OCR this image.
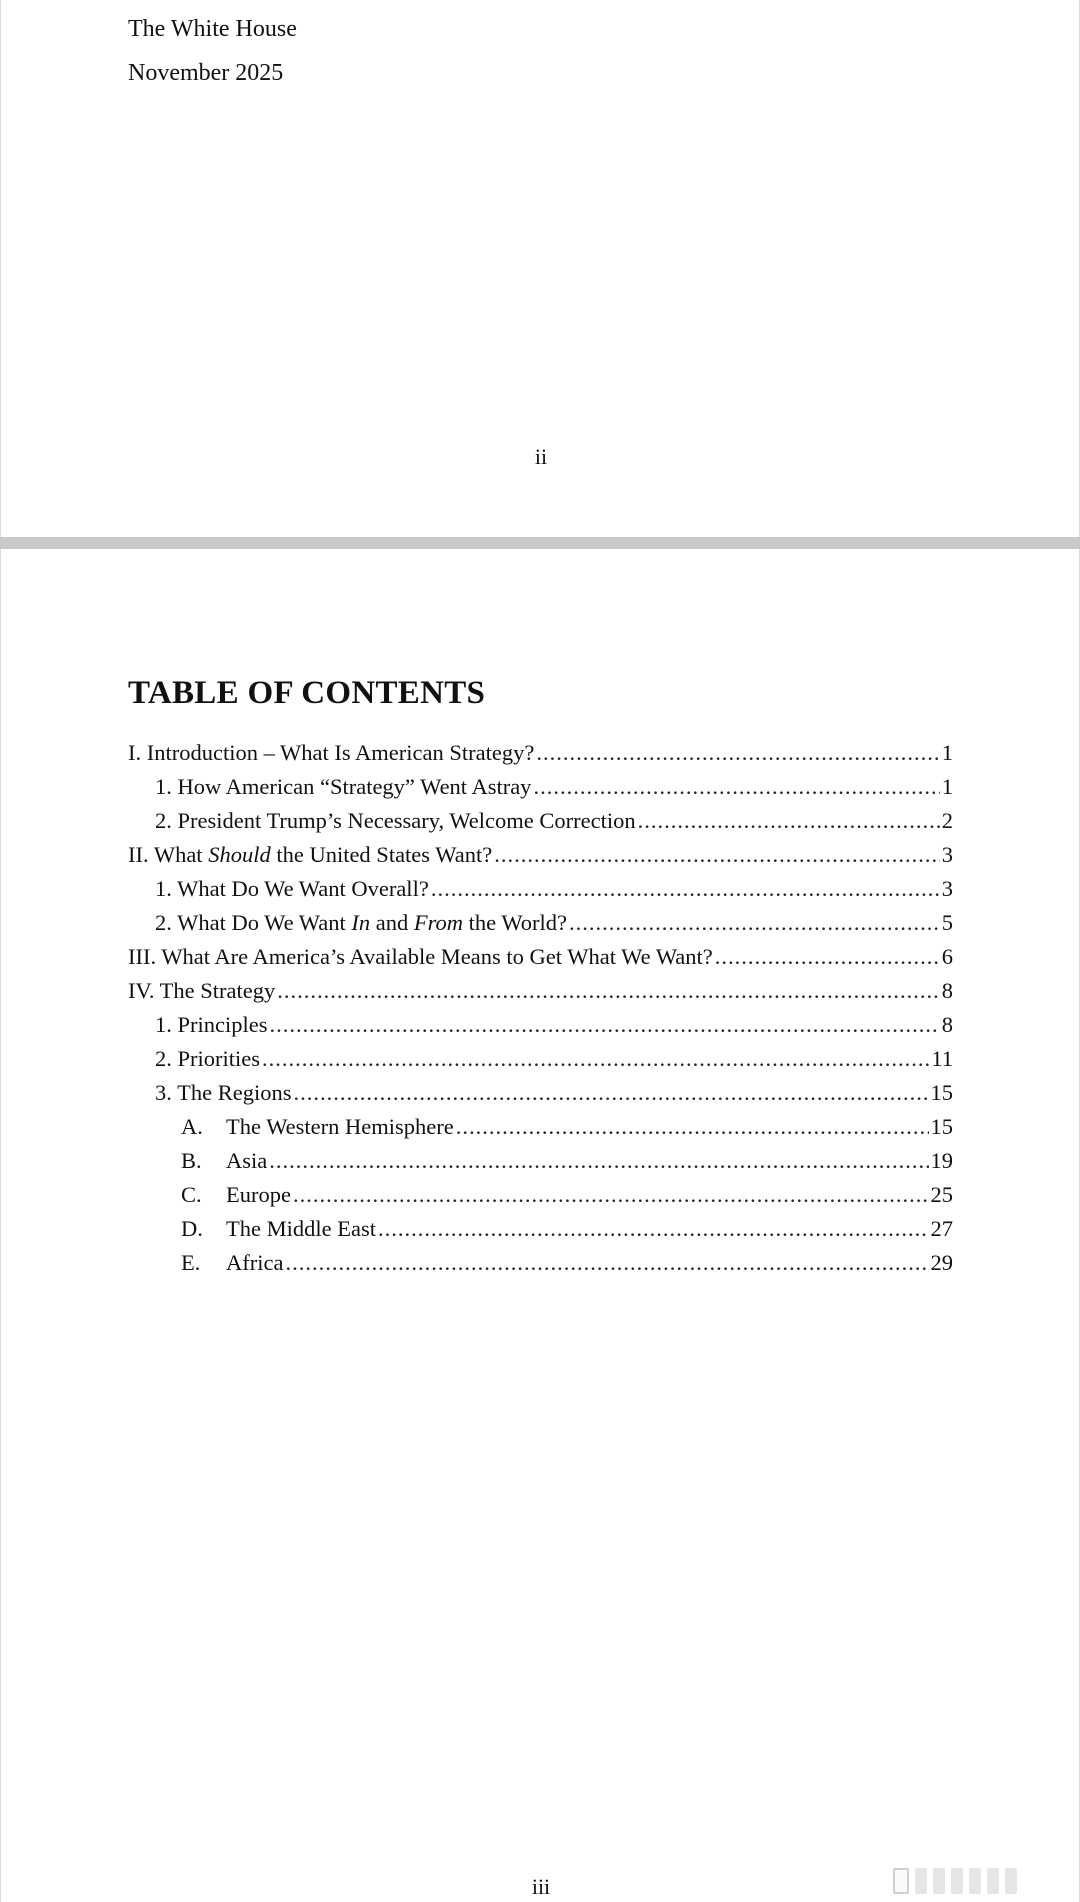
The White House
November 2025
ii
TABLE OF CONTENTS
I. Introduction – What Is American Strategy? .....	1
1. How American “Strategy” Went Astray .....	1
2. President Trump’s Necessary, Welcome Correction .....	2
II. What Should the United States Want? .....	3
1. What Do We Want Overall? .....	3
2. What Do We Want In and From the World? .....	5
III. What Are America’s Available Means to Get What We Want? .....	6
IV. The Strategy .....	8
1. Principles .....	8
2. Priorities .....	11
3. The Regions .....	15
A. The Western Hemisphere .....	15
B. Asia .....	19
C. Europe .....	25
D. The Middle East .....	27
E. Africa .....	29
iii
